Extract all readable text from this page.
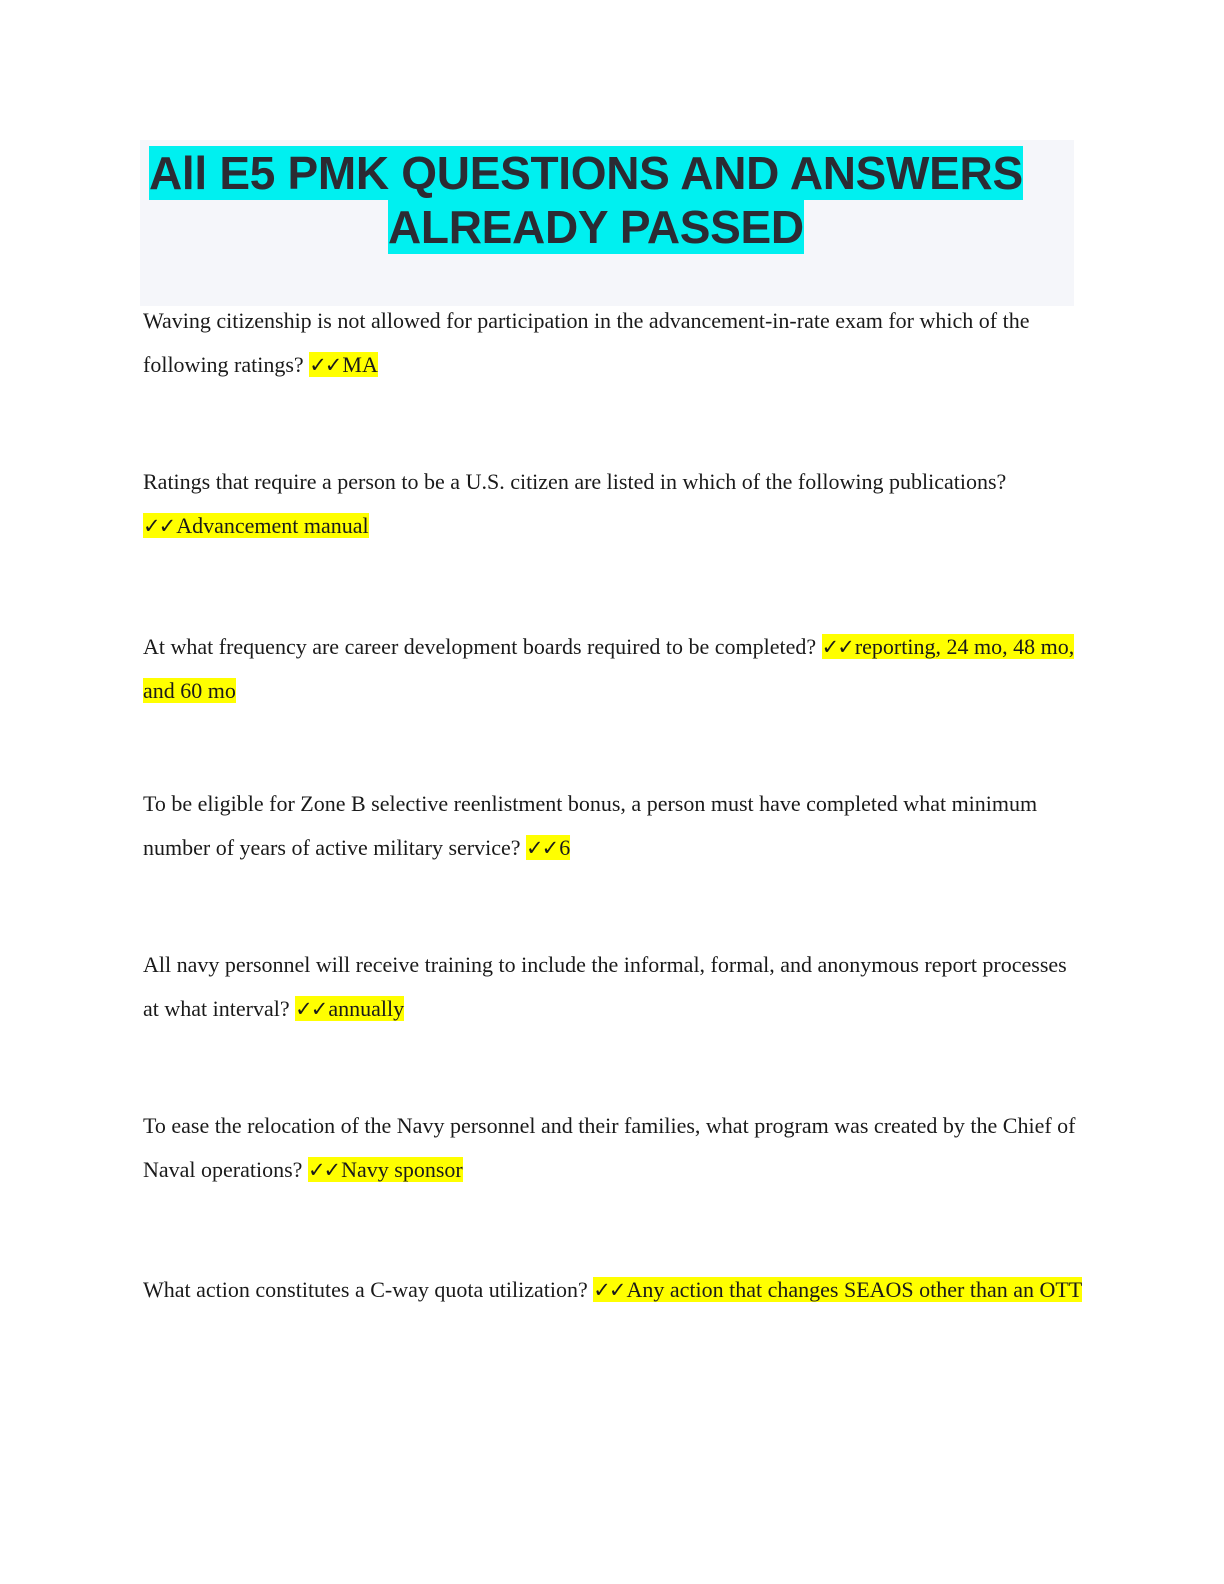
All E5 PMK QUESTIONS AND ANSWERS
ALREADY PASSED
Waving citizenship is not allowed for participation in the advancement-in-rate exam for which of the following ratings? ✓✓MA
Ratings that require a person to be a U.S. citizen are listed in which of the following publications? ✓✓Advancement manual
At what frequency are career development boards required to be completed? ✓✓reporting, 24 mo, 48 mo, and 60 mo
To be eligible for Zone B selective reenlistment bonus, a person must have completed what minimum number of years of active military service? ✓✓6
All navy personnel will receive training to include the informal, formal, and anonymous report processes at what interval? ✓✓annually
To ease the relocation of the Navy personnel and their families, what program was created by the Chief of Naval operations? ✓✓Navy sponsor
What action constitutes a C-way quota utilization? ✓✓Any action that changes SEAOS other than an OTT
